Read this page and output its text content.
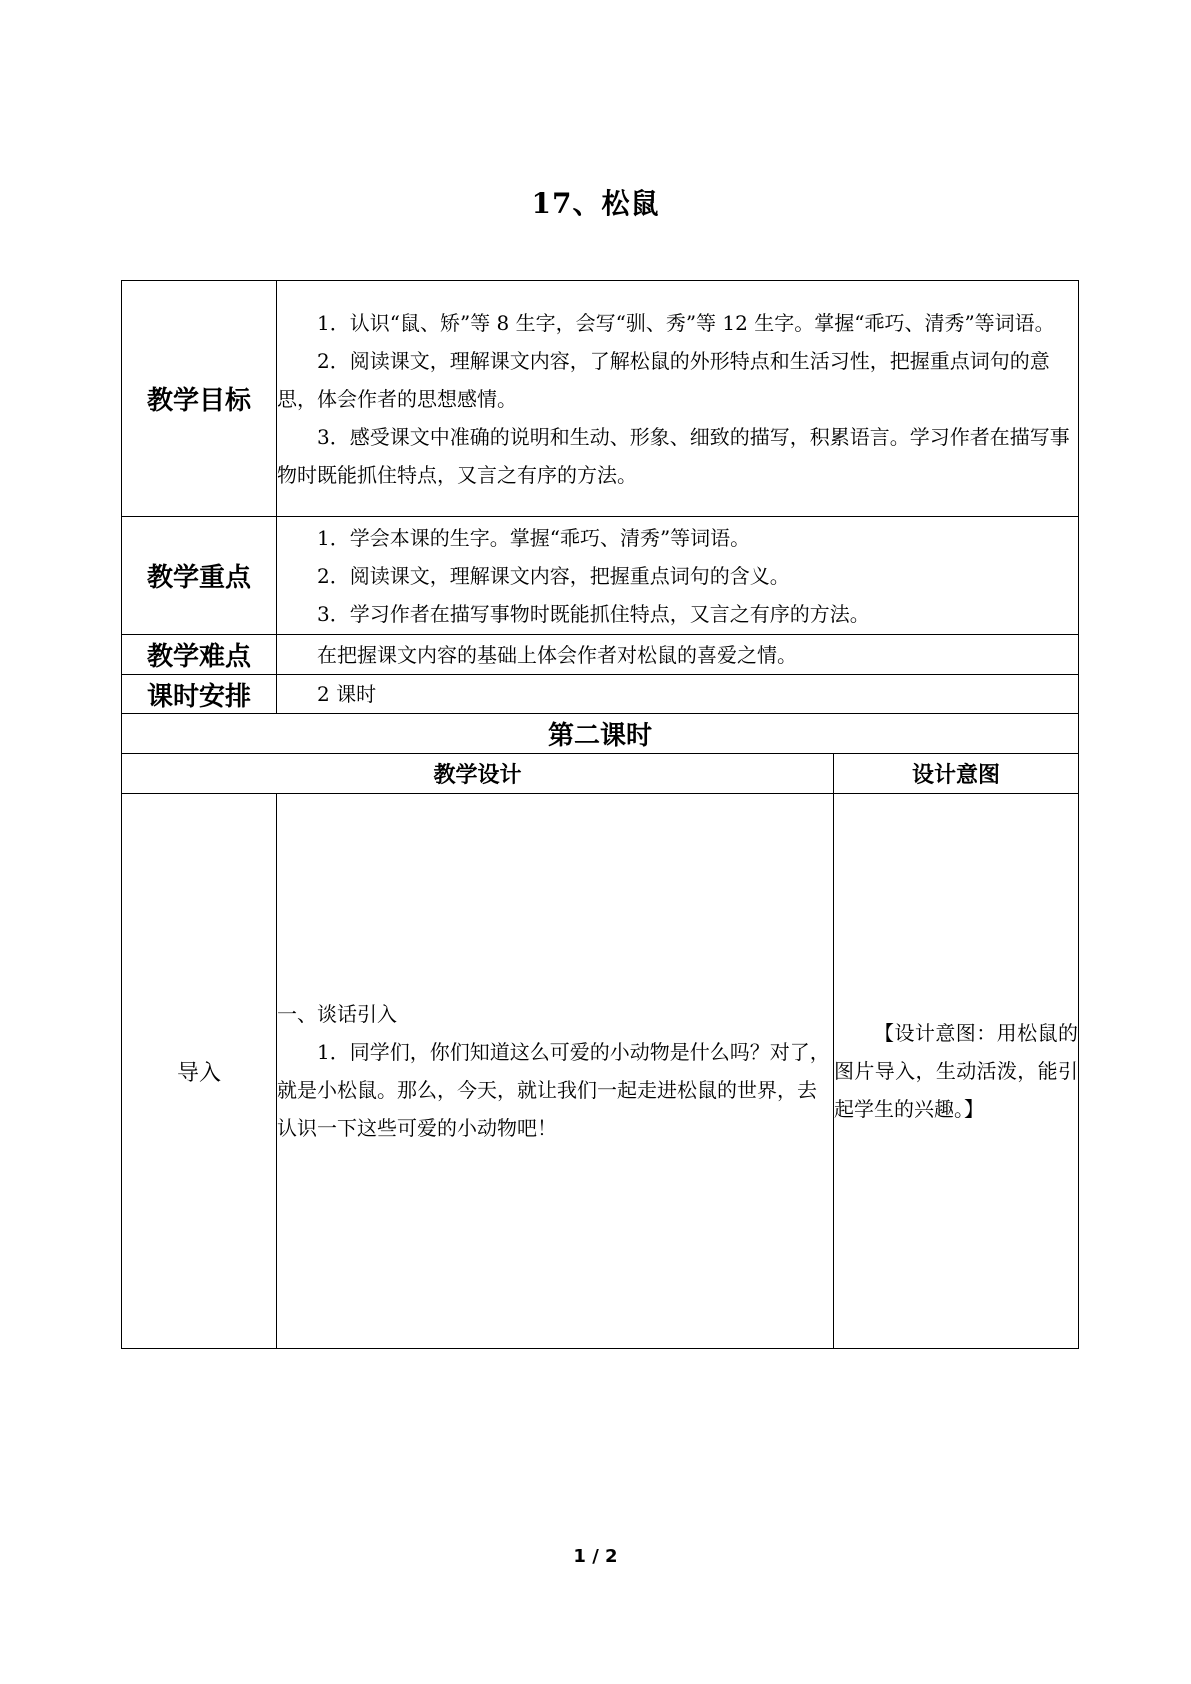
17、松鼠
教学目标	1．认识“鼠、矫”等 8 生字，会写“驯、秀”等 12 生字。掌握“乖巧、清秀”等词语。

2．阅读课文，理解课文内容，了解松鼠的外形特点和生活习性，把握重点词句的意思，体会作者的思想感情。

3．感受课文中准确的说明和生动、形象、细致的描写，积累语言。学习作者在描写事物时既能抓住特点，又言之有序的方法。	

教学重点	1．学会本课的生字。掌握“乖巧、清秀”等词语。

2．阅读课文，理解课文内容，把握重点词句的含义。

3．学习作者在描写事物时既能抓住特点，又言之有序的方法。	

教学难点	在把握课文内容的基础上体会作者对松鼠的喜爱之情。	

课时安排	2 课时	

第二课时		
教学设计		设计意图
导入	一、谈话引入

1．同学们，你们知道这么可爱的小动物是什么吗？对了，就是小松鼠。那么，今天，就让我们一起走进松鼠的世界，去认识一下这些可爱的小动物吧！	【设计意图：用松鼠的图片导入，生动活泼，能引起学生的兴趣。】

1 / 2
